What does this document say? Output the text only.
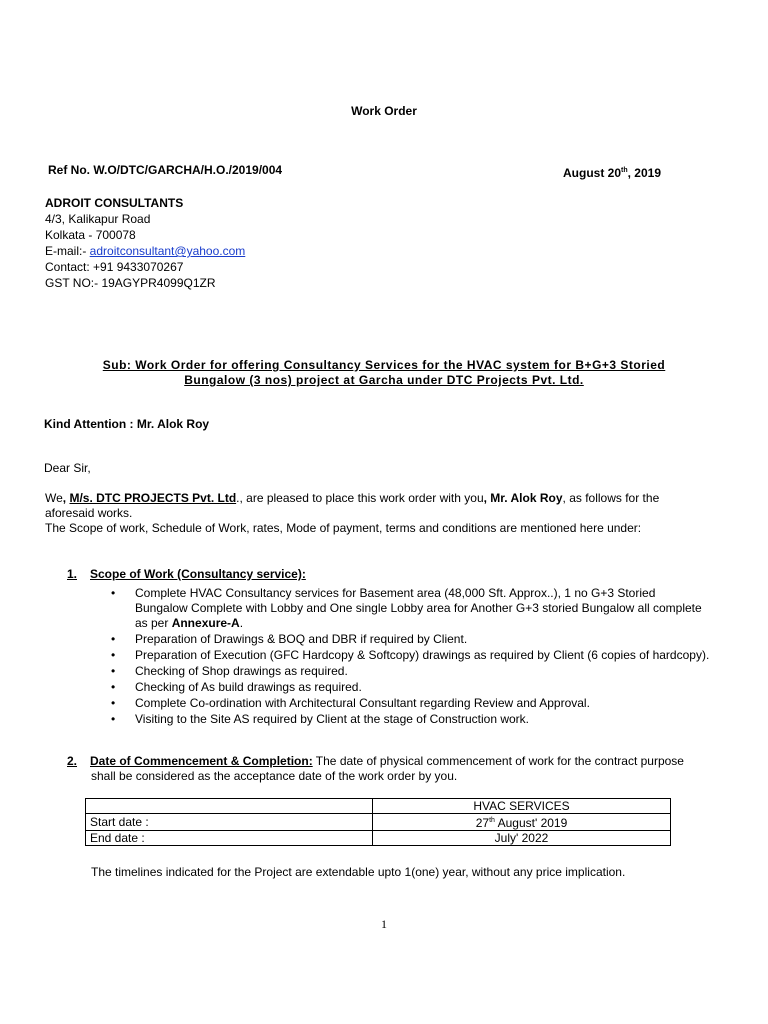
Work Order
Ref No. W.O/DTC/GARCHA/H.O./2019/004	August 20th, 2019
ADROIT CONSULTANTS
4/3, Kalikapur Road
Kolkata - 700078
E-mail:- adroitconsultant@yahoo.com
Contact: +91 9433070267
GST NO:- 19AGYPR4099Q1ZR
Sub: Work Order for offering Consultancy Services for the HVAC system for B+G+3 Storied
Bungalow (3 nos) project at Garcha under DTC Projects Pvt. Ltd.
Kind Attention : Mr. Alok Roy
Dear Sir,
We, M/s. DTC PROJECTS Pvt. Ltd., are pleased to place this work order with you, Mr. Alok Roy, as follows for the
aforesaid works.
The Scope of work, Schedule of Work, rates, Mode of payment, terms and conditions are mentioned here under:
1. Scope of Work (Consultancy service):
• Complete HVAC Consultancy services for Basement area (48,000 Sft. Approx..), 1 no G+3 Storied Bungalow Complete with Lobby and One single Lobby area for Another G+3 storied Bungalow all complete as per Annexure-A.
• Preparation of Drawings & BOQ and DBR if required by Client.
• Preparation of Execution (GFC Hardcopy & Softcopy) drawings as required by Client (6 copies of hardcopy).
• Checking of Shop drawings as required.
• Checking of As build drawings as required.
• Complete Co-ordination with Architectural Consultant regarding Review and Approval.
• Visiting to the Site AS required by Client at the stage of Construction work.
2. Date of Commencement & Completion: The date of physical commencement of work for the contract purpose
shall be considered as the acceptance date of the work order by you.
	HVAC SERVICES
Start date :	27th August' 2019
End date :	July' 2022
The timelines indicated for the Project are extendable upto 1(one) year, without any price implication.
1
